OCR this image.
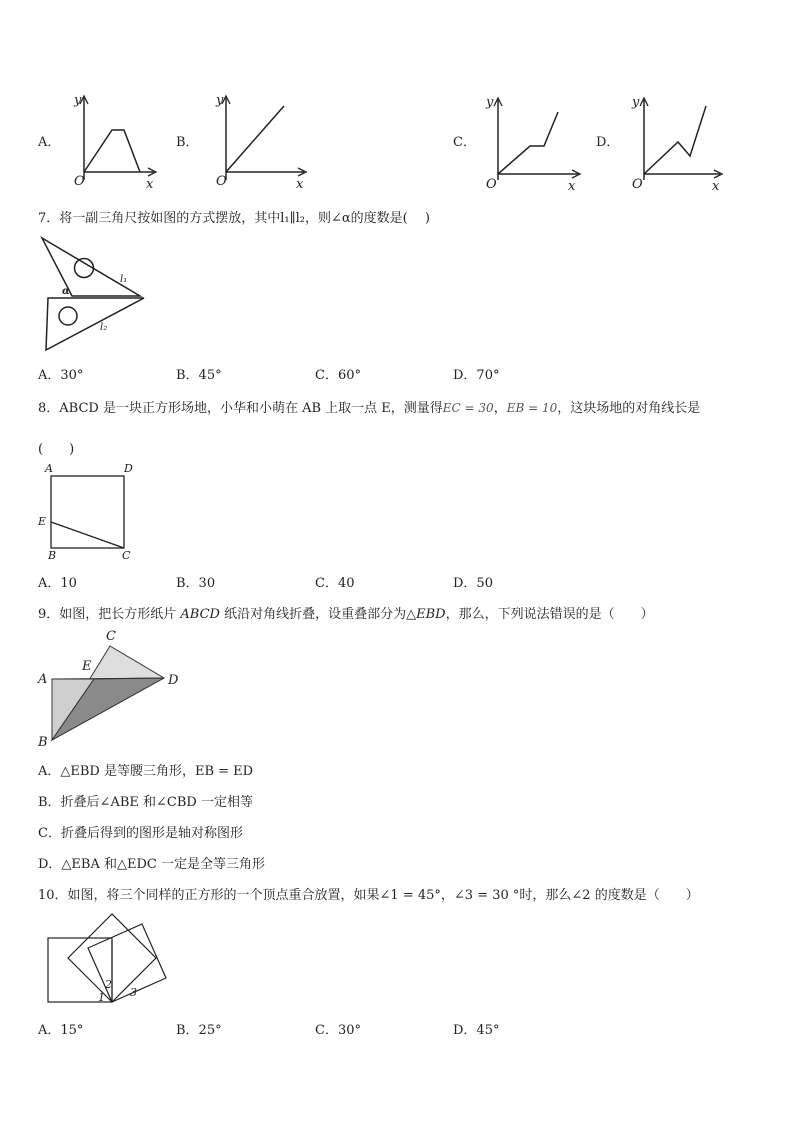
A．
y
x
O
B．
y
x
O
C．
y
x
O
D．
y
x
O
7．将一副三角尺按如图的方式摆放，其中l₁∥l₂，则∠α的度数是(　 )
α
l₁
l₂
A．30°	B．45°	C．60°	D．70°
8．ABCD 是一块正方形场地，小华和小萌在 AB 上取一点 E，测量得EC = 30，EB = 10，这块场地的对角线长是
(　　)
A	D
E
B	C
A．10	B．30	C．40	D．50
9．如图，把长方形纸片 ABCD 纸沿对角线折叠，设重叠部分为△EBD，那么，下列说法错误的是（　　）
C
E
A	D
B
A．△EBD 是等腰三角形，EB = ED
B．折叠后∠ABE 和∠CBD 一定相等
C．折叠后得到的图形是轴对称图形
D．△EBA 和△EDC 一定是全等三角形
10．如图，将三个同样的正方形的一个顶点重合放置，如果∠1 = 45°，∠3 = 30 °时，那么∠2 的度数是（　　）
1
2
3
A．15°	B．25°	C．30°	D．45°
